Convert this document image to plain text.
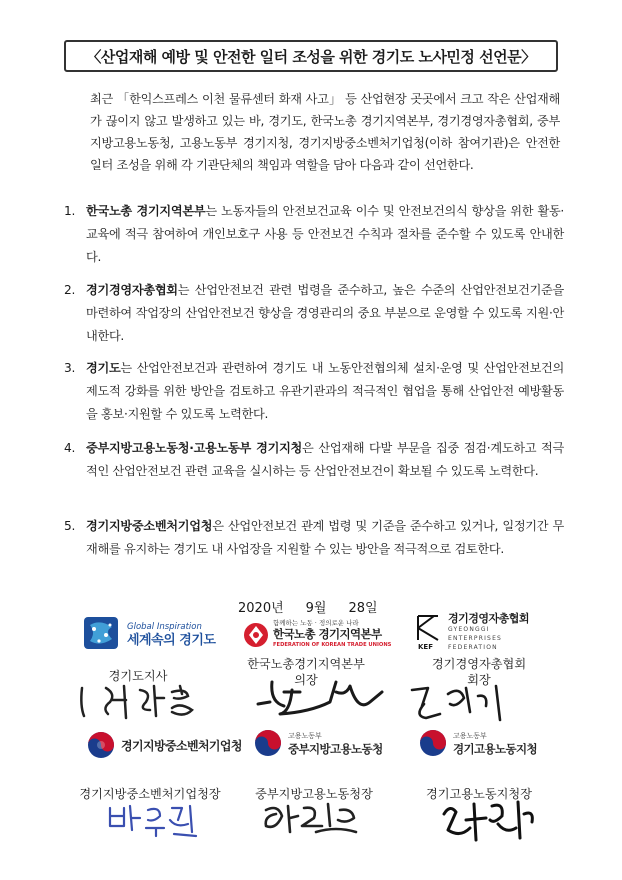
〈산업재해 예방 및 안전한 일터 조성을 위한 경기도 노사민정 선언문〉
최근 「한익스프레스 이천 물류센터 화재 사고」 등 산업현장 곳곳에서 크고 작은 산업재해가 끊이지 않고 발생하고 있는 바, 경기도, 한국노총 경기지역본부, 경기경영자총협회, 중부지방고용노동청, 고용노동부 경기지청, 경기지방중소벤처기업청(이하 참여기관)은 안전한 일터 조성을 위해 각 기관단체의 책임과 역할을 담아 다음과 같이 선언한다.
1. 한국노총 경기지역본부는 노동자들의 안전보건교육 이수 및 안전보건의식 향상을 위한 활동·교육에 적극 참여하여 개인보호구 사용 등 안전보건 수칙과 절차를 준수할 수 있도록 안내한다.
2. 경기경영자총협회는 산업안전보건 관련 법령을 준수하고, 높은 수준의 산업안전보건기준을 마련하여 작업장의 산업안전보건 향상을 경영관리의 중요 부분으로 운영할 수 있도록 지원·안내한다.
3. 경기도는 산업안전보건과 관련하여 경기도 내 노동안전협의체 설치·운영 및 산업안전보건의 제도적 강화를 위한 방안을 검토하고 유관기관과의 적극적인 협업을 통해 산업안전 예방활동을 홍보·지원할 수 있도록 노력한다.
4. 중부지방고용노동청·고용노동부 경기지청은 산업재해 다발 부문을 집중 점검·계도하고 적극적인 산업안전보건 관련 교육을 실시하는 등 산업안전보건이 확보될 수 있도록 노력한다.
5. 경기지방중소벤처기업청은 산업안전보건 관계 법령 및 기준을 준수하고 있거나, 일정기간 무재해를 유지하는 경기도 내 사업장을 지원할 수 있는 방안을 적극적으로 검토한다.
2020년 9월 28일
Global Inspiration
세계속의 경기도
함께하는 노동 · 정의로운 나라
한국노총 경기지역본부
FEDERATION OF KOREAN TRADE UNIONS	KEF
경기경영자총협회
GYEONGGI
ENTERPRISES
FEDERATION
경기도지사
한국노총경기지역본부
의장
경기경영자총협회
회장
경기지방중소벤처기업청
고용노동부
중부지방고용노동청
고용노동부
경기고용노동지청
경기지방중소벤처기업청장	중부지방고용노동청장	경기고용노동지청장
